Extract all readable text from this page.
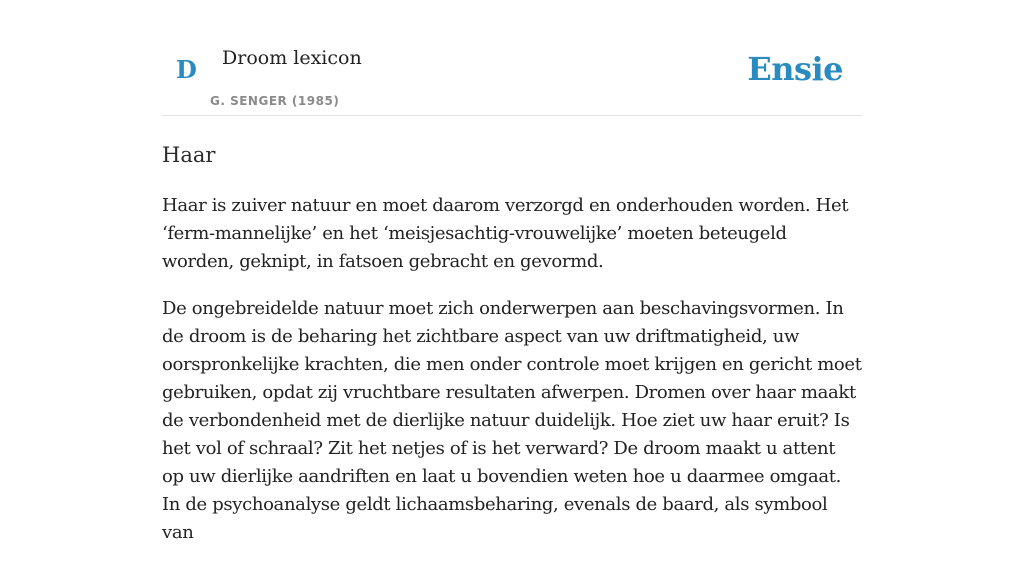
D Droom lexicon
G. SENGER (1985)
Ensie
Haar

Haar is zuiver natuur en moet daarom verzorgd en onderhouden worden. Het ‘ferm-mannelijke’ en het ‘meisjesachtig-vrouwelijke’ moeten beteugeld worden, geknipt, in fatsoen gebracht en gevormd.

De ongebreidelde natuur moet zich onderwerpen aan beschavingsvormen. In de droom is de beharing het zichtbare aspect van uw driftmatigheid, uw oorspronkelijke krachten, die men onder controle moet krijgen en gericht moet gebruiken, opdat zij vruchtbare resultaten afwerpen. Dromen over haar maakt de verbondenheid met de dierlijke natuur duidelijk. Hoe ziet uw haar eruit? Is het vol of schraal? Zit het netjes of is het verward? De droom maakt u attent op uw dierlijke aandriften en laat u bovendien weten hoe u daarmee omgaat. In de psychoanalyse geldt lichaamsbeharing, evenals de baard, als symbool van
